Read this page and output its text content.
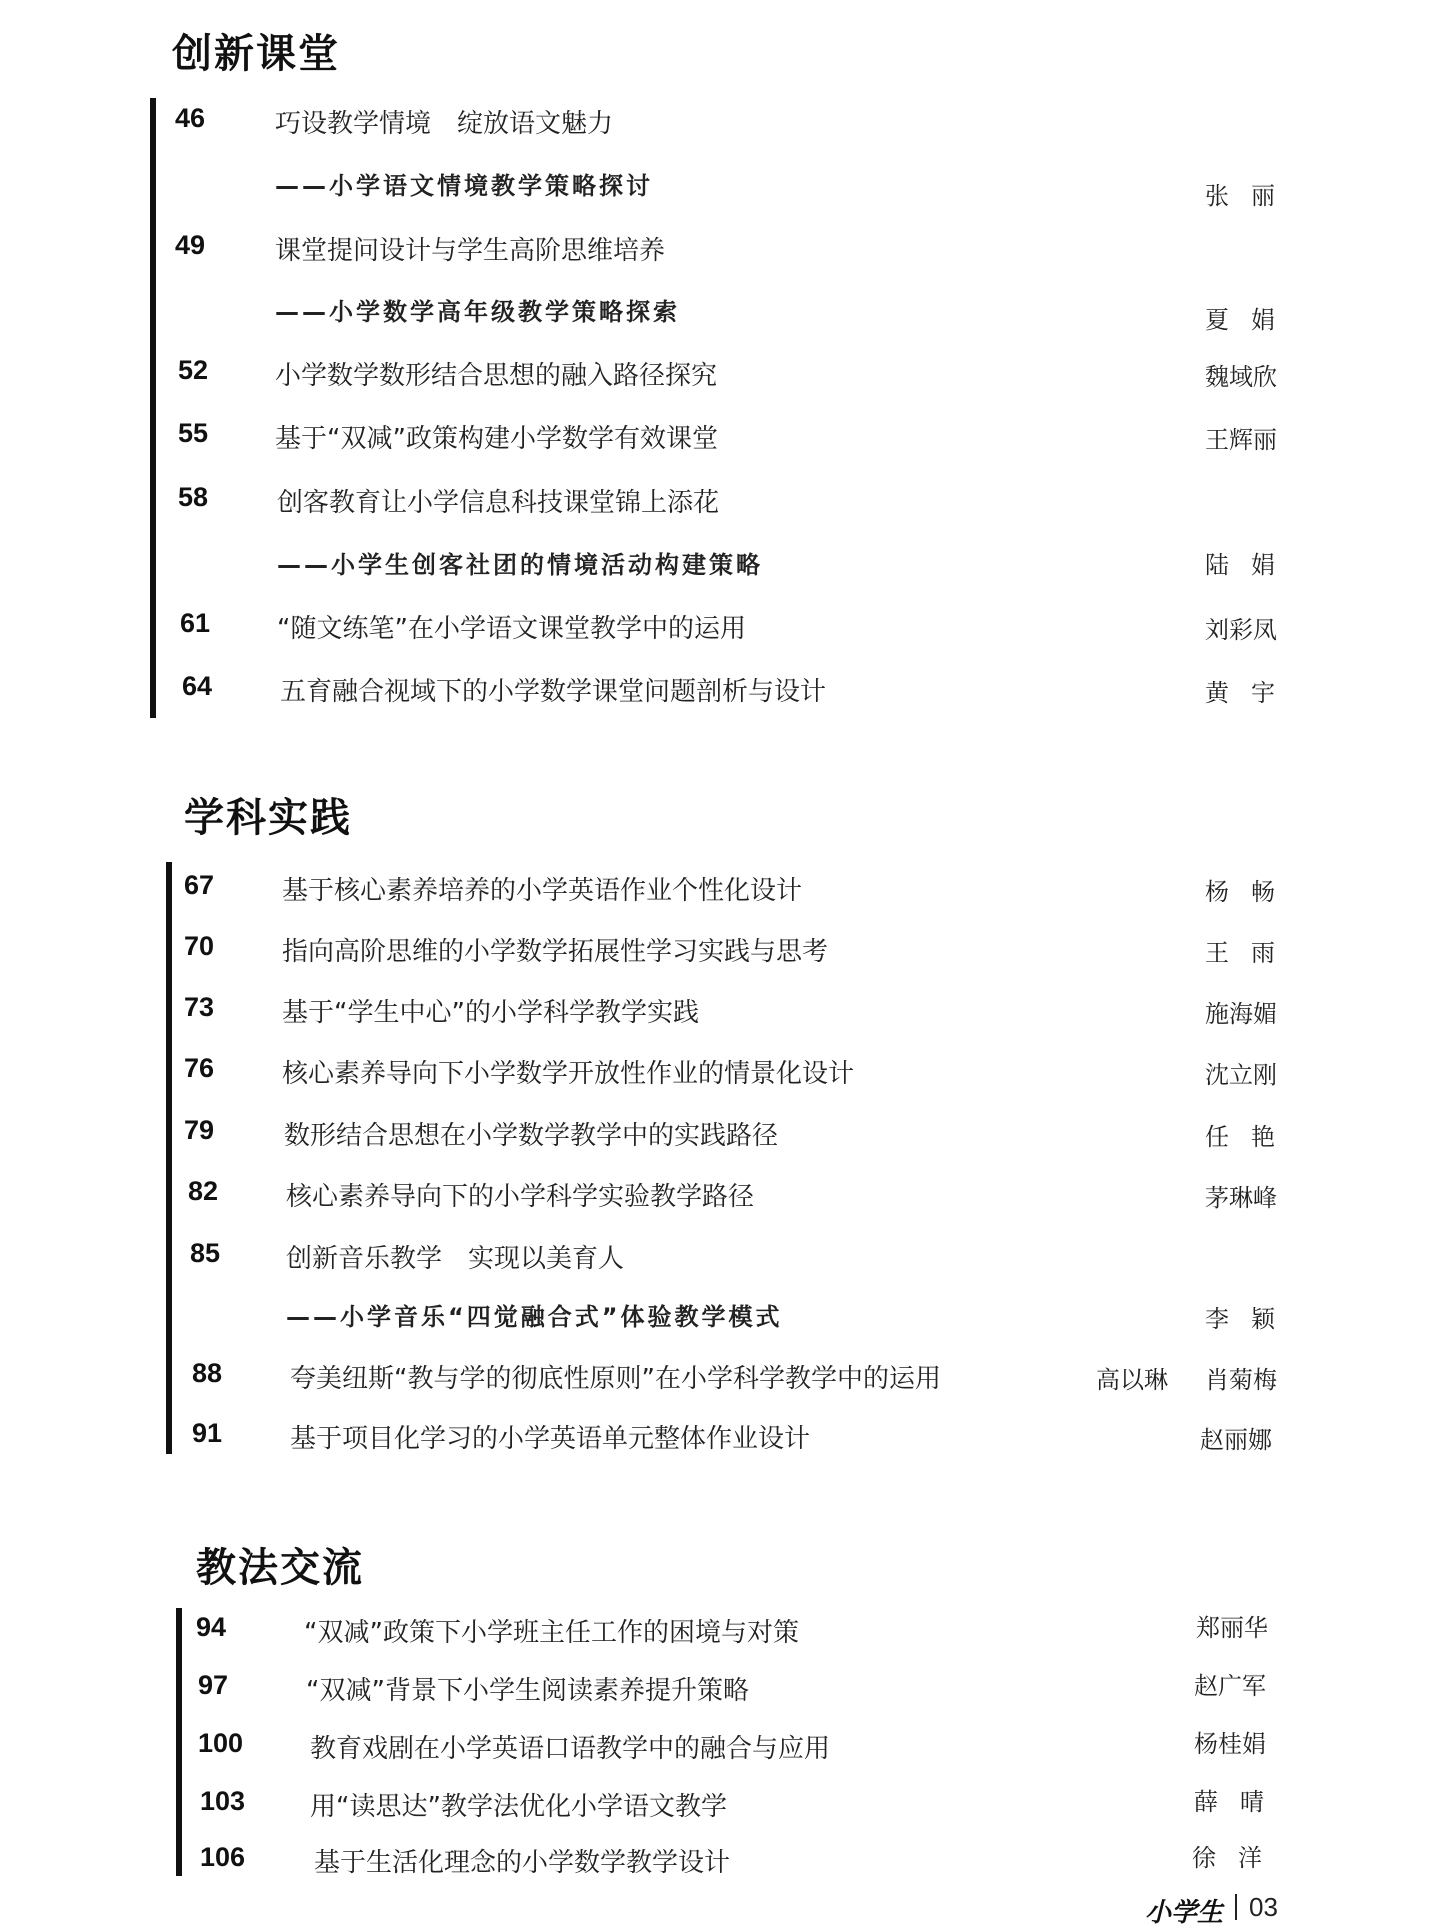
创新课堂
46	巧设教学情境　绽放语文魅力
——小学语文情境教学策略探讨	张丽
49	课堂提问设计与学生高阶思维培养
——小学数学高年级教学策略探索	夏娟
52	小学数学数形结合思想的融入路径探究	魏域欣
55	基于“双减”政策构建小学数学有效课堂	王辉丽
58	创客教育让小学信息科技课堂锦上添花
——小学生创客社团的情境活动构建策略	陆娟
61	“随文练笔”在小学语文课堂教学中的运用	刘彩凤
64	五育融合视域下的小学数学课堂问题剖析与设计	黄宇
学科实践
67	基于核心素养培养的小学英语作业个性化设计	杨畅
70	指向高阶思维的小学数学拓展性学习实践与思考	王雨
73	基于“学生中心”的小学科学教学实践	施海媚
76	核心素养导向下小学数学开放性作业的情景化设计	沈立刚
79	数形结合思想在小学数学教学中的实践路径	任艳
82	核心素养导向下的小学科学实验教学路径	茅琳峰
85	创新音乐教学　实现以美育人
——小学音乐“四觉融合式”体验教学模式	李颖
88	夸美纽斯“教与学的彻底性原则”在小学科学教学中的运用	高以琳 肖菊梅
91	基于项目化学习的小学英语单元整体作业设计	赵丽娜
教法交流
94	“双减”政策下小学班主任工作的困境与对策	郑丽华
97	“双减”背景下小学生阅读素养提升策略	赵广军
100	教育戏剧在小学英语口语教学中的融合与应用	杨桂娟
103 用“读思达”教学法优化小学语文教学	薛晴
106	基于生活化理念的小学数学教学设计	徐洋
小学生 03
